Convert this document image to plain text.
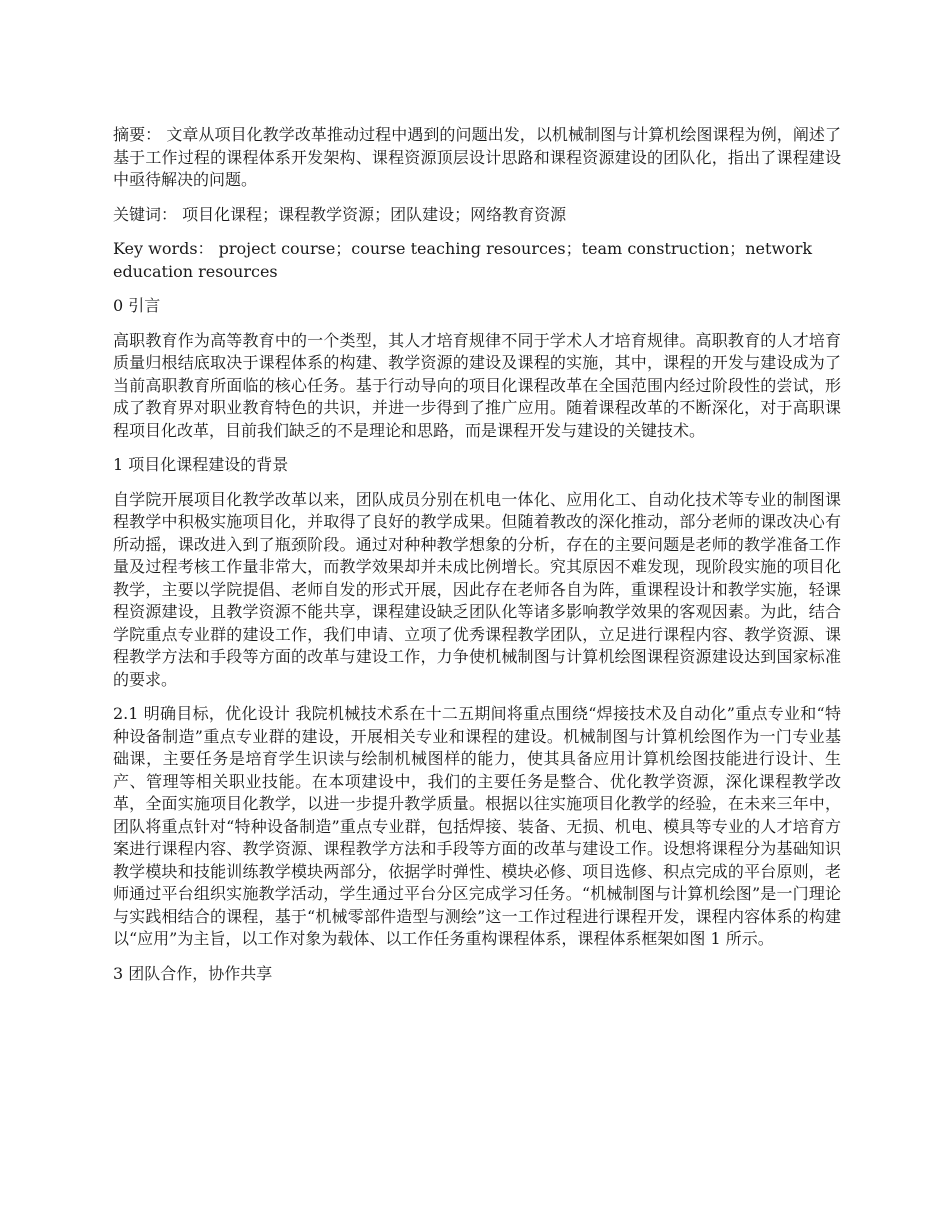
摘要： 文章从项目化教学改革推动过程中遇到的问题出发，以机械制图与计算机绘图课程为例，阐述了基于工作过程的课程体系开发架构、课程资源顶层设计思路和课程资源建设的团队化，指出了课程建设中亟待解决的问题。

关键词： 项目化课程；课程教学资源；团队建设；网络教育资源

Key words： project course；course teaching resources；team construction；network education resources

0 引言

高职教育作为高等教育中的一个类型，其人才培育规律不同于学术人才培育规律。高职教育的人才培育质量归根结底取决于课程体系的构建、教学资源的建设及课程的实施，其中，课程的开发与建设成为了当前高职教育所面临的核心任务。基于行动导向的项目化课程改革在全国范围内经过阶段性的尝试，形成了教育界对职业教育特色的共识，并进一步得到了推广应用。随着课程改革的不断深化，对于高职课程项目化改革，目前我们缺乏的不是理论和思路，而是课程开发与建设的关键技术。

1 项目化课程建设的背景

自学院开展项目化教学改革以来，团队成员分别在机电一体化、应用化工、自动化技术等专业的制图课程教学中积极实施项目化，并取得了良好的教学成果。但随着教改的深化推动，部分老师的课改决心有所动摇，课改进入到了瓶颈阶段。通过对种种教学想象的分析，存在的主要问题是老师的教学准备工作量及过程考核工作量非常大，而教学效果却并未成比例增长。究其原因不难发现，现阶段实施的项目化教学，主要以学院提倡、老师自发的形式开展，因此存在老师各自为阵，重课程设计和教学实施，轻课程资源建设，且教学资源不能共享，课程建设缺乏团队化等诸多影响教学效果的客观因素。为此，结合学院重点专业群的建设工作，我们申请、立项了优秀课程教学团队，立足进行课程内容、教学资源、课程教学方法和手段等方面的改革与建设工作，力争使机械制图与计算机绘图课程资源建设达到国家标准的要求。

2.1 明确目标，优化设计 我院机械技术系在十二五期间将重点围绕“焊接技术及自动化”重点专业和“特种设备制造”重点专业群的建设，开展相关专业和课程的建设。机械制图与计算机绘图作为一门专业基础课，主要任务是培育学生识读与绘制机械图样的能力，使其具备应用计算机绘图技能进行设计、生产、管理等相关职业技能。在本项建设中，我们的主要任务是整合、优化教学资源，深化课程教学改革，全面实施项目化教学，以进一步提升教学质量。根据以往实施项目化教学的经验，在未来三年中，团队将重点针对“特种设备制造”重点专业群，包括焊接、装备、无损、机电、模具等专业的人才培育方案进行课程内容、教学资源、课程教学方法和手段等方面的改革与建设工作。设想将课程分为基础知识教学模块和技能训练教学模块两部分，依据学时弹性、模块必修、项目选修、积点完成的平台原则，老师通过平台组织实施教学活动，学生通过平台分区完成学习任务。“机械制图与计算机绘图”是一门理论与实践相结合的课程，基于“机械零部件造型与测绘”这一工作过程进行课程开发，课程内容体系的构建以“应用”为主旨，以工作对象为载体、以工作任务重构课程体系，课程体系框架如图 1 所示。

3 团队合作，协作共享
